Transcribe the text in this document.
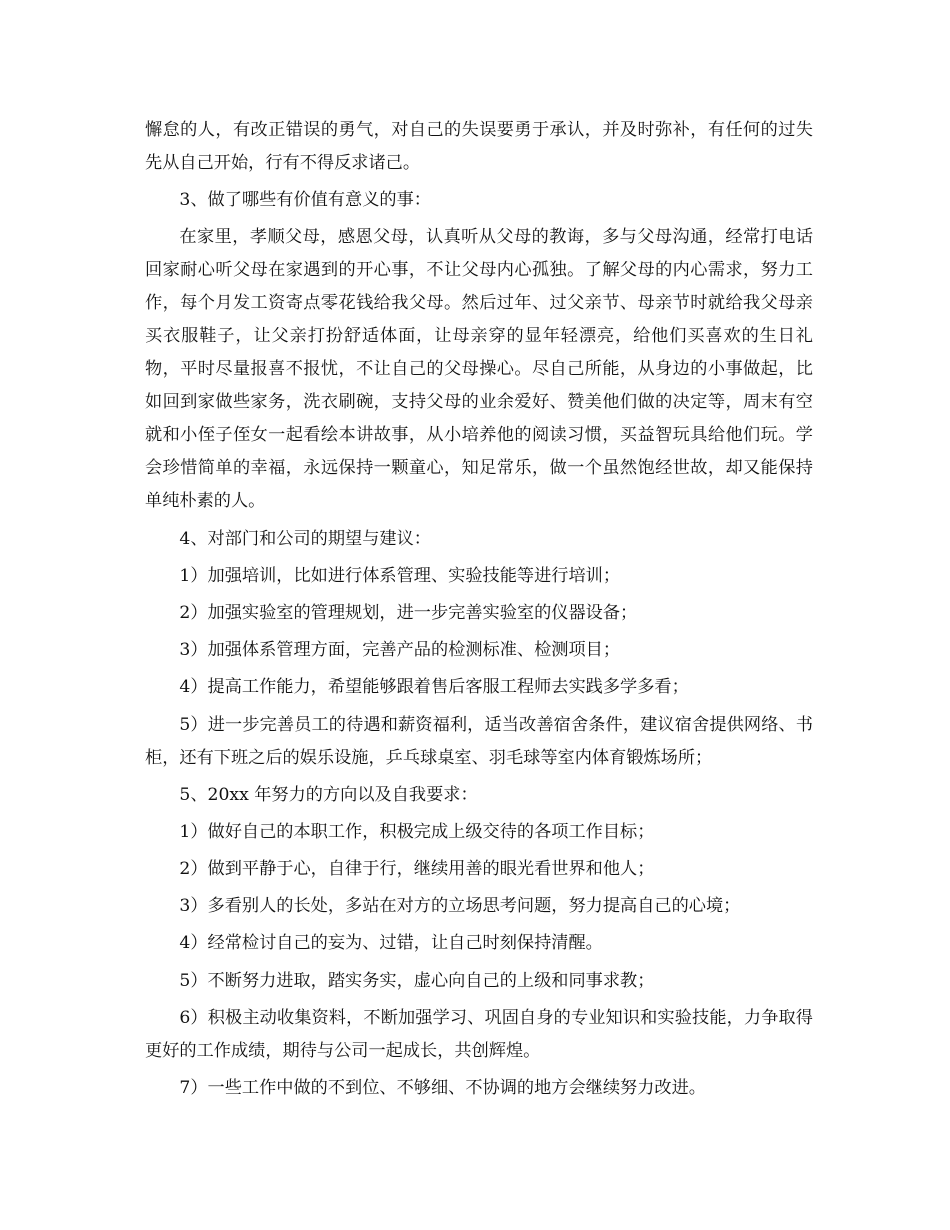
懈怠的人，有改正错误的勇气，对自己的失误要勇于承认，并及时弥补，有任何的过失先从自己开始，行有不得反求诸己。

3、做了哪些有价值有意义的事：

在家里，孝顺父母，感恩父母，认真听从父母的教诲，多与父母沟通，经常打电话回家耐心听父母在家遇到的开心事，不让父母内心孤独。了解父母的内心需求，努力工作，每个月发工资寄点零花钱给我父母。然后过年、过父亲节、母亲节时就给我父母亲买衣服鞋子，让父亲打扮舒适体面，让母亲穿的显年轻漂亮，给他们买喜欢的生日礼物，平时尽量报喜不报忧，不让自己的父母操心。尽自己所能，从身边的小事做起，比如回到家做些家务，洗衣刷碗，支持父母的业余爱好、赞美他们做的决定等，周末有空就和小侄子侄女一起看绘本讲故事，从小培养他的阅读习惯，买益智玩具给他们玩。学会珍惜简单的幸福，永远保持一颗童心，知足常乐，做一个虽然饱经世故，却又能保持单纯朴素的人。

4、对部门和公司的期望与建议：

1）加强培训，比如进行体系管理、实验技能等进行培训；

2）加强实验室的管理规划，进一步完善实验室的仪器设备；

3）加强体系管理方面，完善产品的检测标准、检测项目；

4）提高工作能力，希望能够跟着售后客服工程师去实践多学多看；

5）进一步完善员工的待遇和薪资福利，适当改善宿舍条件，建议宿舍提供网络、书柜，还有下班之后的娱乐设施，乒乓球桌室、羽毛球等室内体育锻炼场所；

5、20xx 年努力的方向以及自我要求：

1）做好自己的本职工作，积极完成上级交待的各项工作目标；

2）做到平静于心，自律于行，继续用善的眼光看世界和他人；

3）多看别人的长处，多站在对方的立场思考问题，努力提高自己的心境；

4）经常检讨自己的妄为、过错，让自己时刻保持清醒。

5）不断努力进取，踏实务实，虚心向自己的上级和同事求教；

6）积极主动收集资料，不断加强学习、巩固自身的专业知识和实验技能，力争取得更好的工作成绩，期待与公司一起成长，共创辉煌。

7）一些工作中做的不到位、不够细、不协调的地方会继续努力改进。
